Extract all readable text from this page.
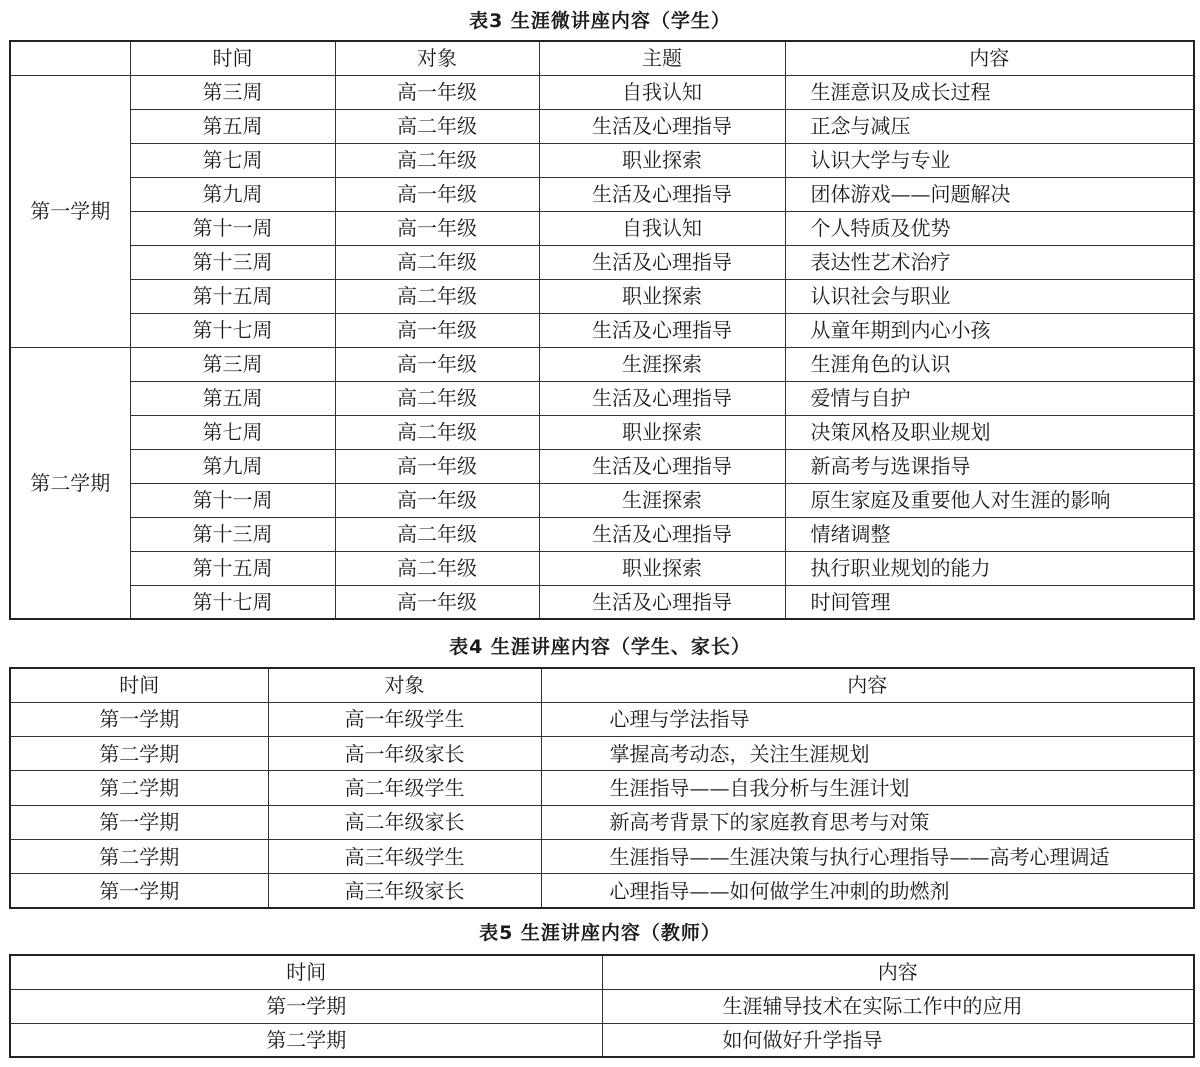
表3 生涯微讲座内容（学生）
	时间	对象	主题	内容
第一学期	第三周	高一年级	自我认知	生涯意识及成长过程
	第五周	高二年级	生活及心理指导	正念与减压
	第七周	高二年级	职业探索	认识大学与专业
	第九周	高一年级	生活及心理指导	团体游戏——问题解决
	第十一周	高一年级	自我认知	个人特质及优势
	第十三周	高二年级	生活及心理指导	表达性艺术治疗
	第十五周	高二年级	职业探索	认识社会与职业
	第十七周	高一年级	生活及心理指导	从童年期到内心小孩
第二学期	第三周	高一年级	生涯探索	生涯角色的认识
	第五周	高二年级	生活及心理指导	爱情与自护
	第七周	高二年级	职业探索	决策风格及职业规划
	第九周	高一年级	生活及心理指导	新高考与选课指导
	第十一周	高一年级	生涯探索	原生家庭及重要他人对生涯的影响
	第十三周	高二年级	生活及心理指导	情绪调整
	第十五周	高二年级	职业探索	执行职业规划的能力
	第十七周	高一年级	生活及心理指导	时间管理
表4 生涯讲座内容（学生、家长）
时间	对象	内容
第一学期	高一年级学生	心理与学法指导
第二学期	高一年级家长	掌握高考动态，关注生涯规划
第二学期	高二年级学生	生涯指导——自我分析与生涯计划
第一学期	高二年级家长	新高考背景下的家庭教育思考与对策
第二学期	高三年级学生	生涯指导——生涯决策与执行心理指导——高考心理调适
第一学期	高三年级家长	心理指导——如何做学生冲刺的助燃剂
表5 生涯讲座内容（教师）
时间	内容
第一学期	生涯辅导技术在实际工作中的应用
第二学期	如何做好升学指导
